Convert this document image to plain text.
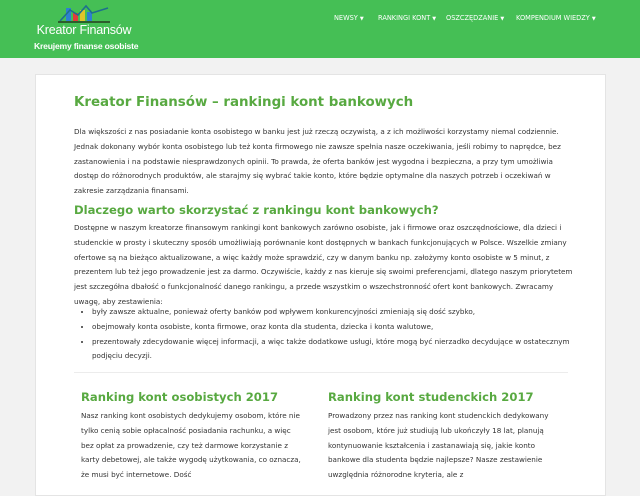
Kreator Finansów
Kreujemy finanse osobiste
NEWSY ▼ RANKINGI KONT ▼ OSZCZĘDZANIE ▼ KOMPENDIUM WIEDZY ▼
Kreator Finansów – rankingi kont bankowych

Dla większości z nas posiadanie konta osobistego w banku jest już rzeczą oczywistą, a z ich możliwości korzystamy niemal codziennie. Jednak dokonany wybór konta osobistego lub też konta firmowego nie zawsze spełnia nasze oczekiwania, jeśli robimy to naprędce, bez zastanowienia i na podstawie niesprawdzonych opinii. To prawda, że oferta banków jest wygodna i bezpieczna, a przy tym umożliwia dostęp do różnorodnych produktów, ale starajmy się wybrać takie konto, które będzie optymalne dla naszych potrzeb i oczekiwań w zakresie zarządzania finansami.

Dlaczego warto skorzystać z rankingu kont bankowych?

Dostępne w naszym kreatorze finansowym rankingi kont bankowych zarówno osobiste, jak i firmowe oraz oszczędnościowe, dla dzieci i studenckie w prosty i skuteczny sposób umożliwiają porównanie kont dostępnych w bankach funkcjonujących w Polsce. Wszelkie zmiany ofertowe są na bieżąco aktualizowane, a więc każdy może sprawdzić, czy w danym banku np. założymy konto osobiste w 5 minut, z prezentem lub też jego prowadzenie jest za darmo. Oczywiście, każdy z nas kieruje się swoimi preferencjami, dlatego naszym priorytetem jest szczegółna dbałość o funkcjonalność danego rankingu, a przede wszystkim o wszechstronność ofert kont bankowych. Zwracamy uwagę, aby zestawienia:

• były zawsze aktualne, ponieważ oferty banków pod wpływem konkurencyjności zmieniają się dość szybko,
• obejmowały konta osobiste, konta firmowe, oraz konta dla studenta, dziecka i konta walutowe,
• prezentowały zdecydowanie więcej informacji, a więc także dodatkowe usługi, które mogą być nierzadko decydujące w ostatecznym podjęciu decyzji.
Ranking kont osobistych 2017

Nasz ranking kont osobistych dedykujemy osobom, które nie tylko cenią sobie opłacalność posiadania rachunku, a więc bez opłat za prowadzenie, czy też darmowe korzystanie z karty debetowej, ale także wygodę użytkowania, co oznacza, że musi być internetowe. Dość

Ranking kont studenckich 2017

Prowadzony przez nas ranking kont studenckich dedykowany jest osobom, które już studiują lub ukończyły 18 lat, planują kontynuowanie kształcenia i zastanawiają się, jakie konto bankowe dla studenta będzie najlepsze? Nasze zestawienie uwzględnia różnorodne kryteria, ale z
